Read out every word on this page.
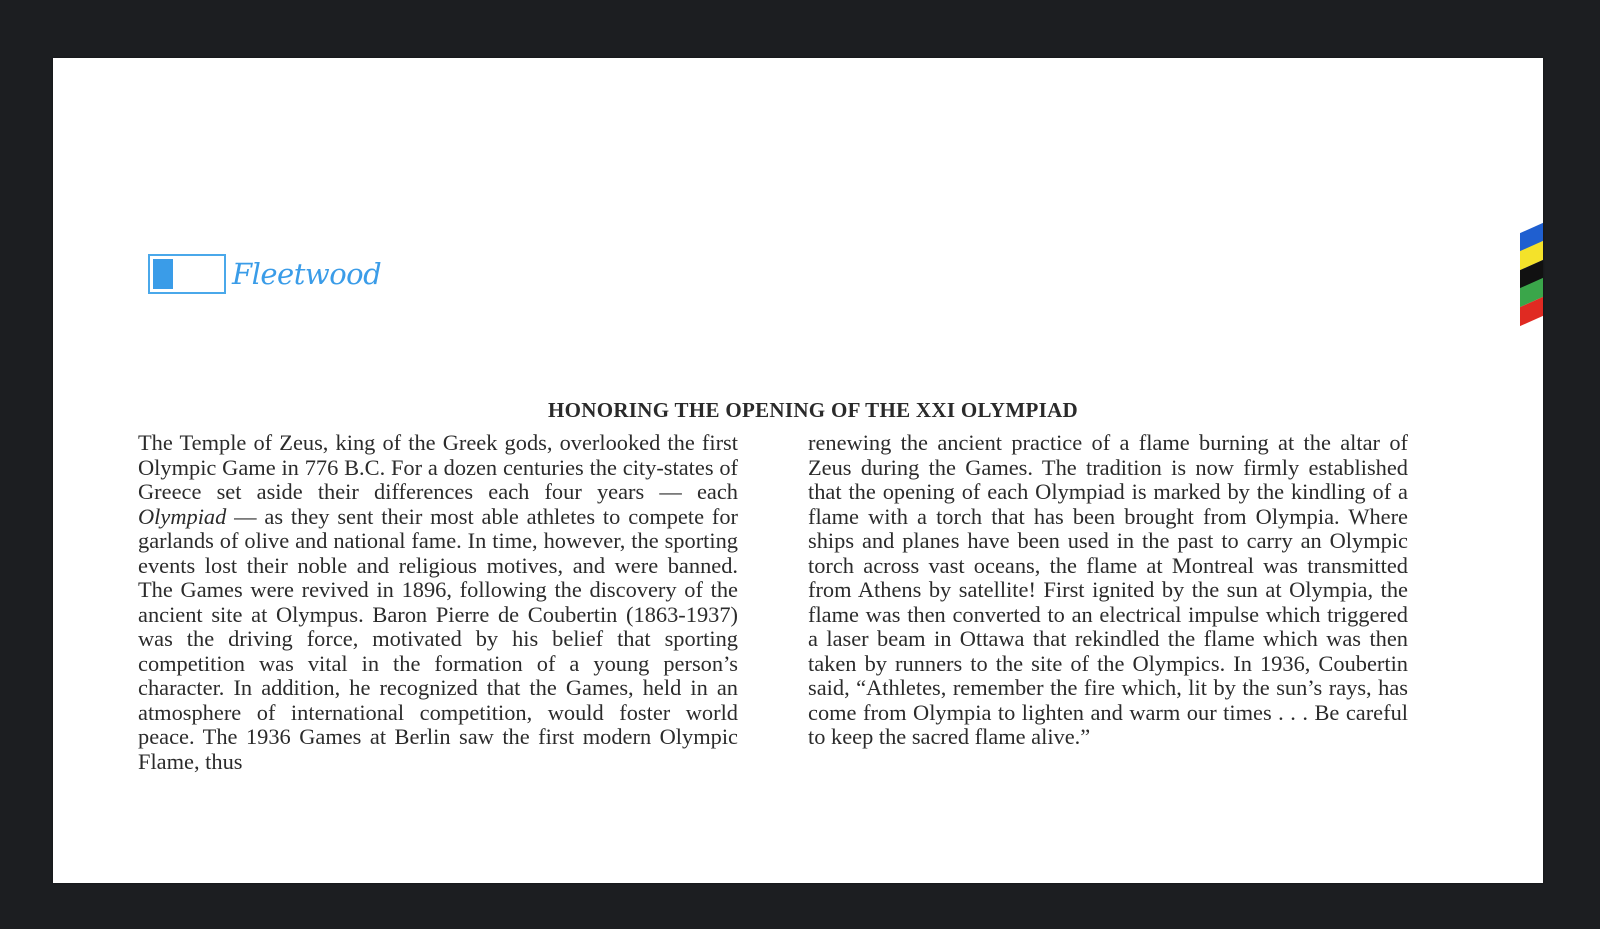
Fleetwood
HONORING THE OPENING OF THE XXI OLYMPIAD
The Temple of Zeus, king of the Greek gods, overlooked the first Olympic Game in 776 B.C. For a dozen centuries the city-states of Greece set aside their differences each four years — each Olympiad — as they sent their most able athletes to compete for garlands of olive and national fame. In time, however, the sporting events lost their noble and religious motives, and were banned. The Games were revived in 1896, following the discovery of the ancient site at Olympus. Baron Pierre de Coubertin (1863-1937) was the driving force, motivated by his belief that sporting competition was vital in the formation of a young person’s character. In addition, he recognized that the Games, held in an atmosphere of international competition, would foster world peace. The 1936 Games at Berlin saw the first modern Olympic Flame, thus
renewing the ancient practice of a flame burning at the altar of Zeus during the Games. The tradition is now firmly established that the opening of each Olympiad is marked by the kindling of a flame with a torch that has been brought from Olympia. Where ships and planes have been used in the past to carry an Olympic torch across vast oceans, the flame at Montreal was transmitted from Athens by satellite! First ignited by the sun at Olympia, the flame was then converted to an electrical impulse which triggered a laser beam in Ottawa that rekindled the flame which was then taken by runners to the site of the Olympics. In 1936, Coubertin said, “Athletes, remember the fire which, lit by the sun’s rays, has come from Olympia to lighten and warm our times . . . Be careful to keep the sacred flame alive.”
